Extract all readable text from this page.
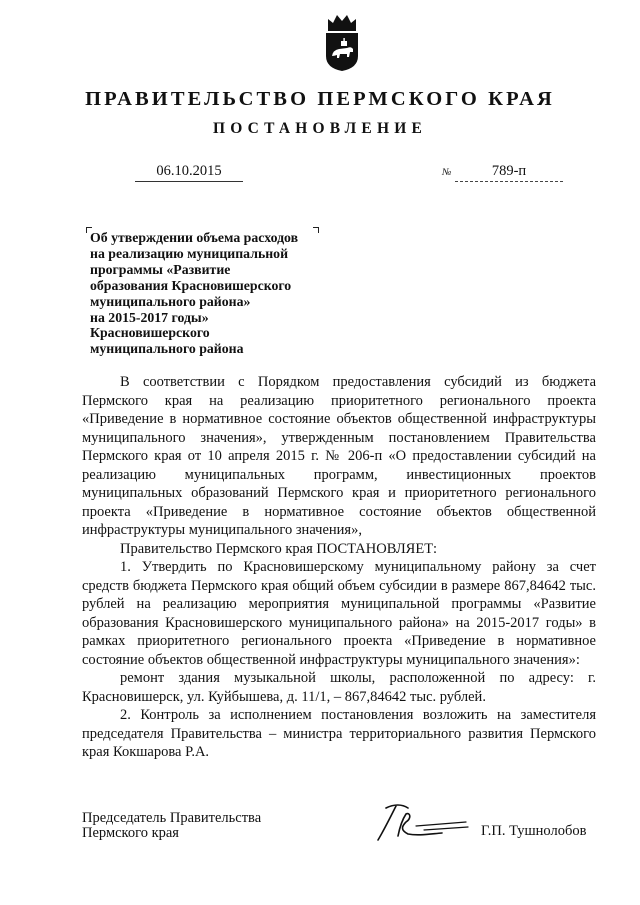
ПРАВИТЕЛЬСТВО ПЕРМСКОГО КРАЯ
ПОСТАНОВЛЕНИЕ
06.10.2015	№	789-п
Об утверждении объема расходов
на реализацию муниципальной
программы «Развитие
образования Красновишерского
муниципального района»
на 2015-2017 годы»
Красновишерского
муниципального района

В соответствии с Порядком предоставления субсидий из бюджета Пермского края на реализацию приоритетного регионального проекта «Приведение в нормативное состояние объектов общественной инфраструктуры муниципального значения», утвержденным постановлением Правительства Пермского края от 10 апреля 2015 г. № 206-п «О предоставлении субсидий на реализацию муниципальных программ, инвестиционных проектов муниципальных образований Пермского края и приоритетного регионального проекта «Приведение в нормативное состояние объектов общественной инфраструктуры муниципального значения»,

Правительство Пермского края ПОСТАНОВЛЯЕТ:

1. Утвердить по Красновишерскому муниципальному району за счет средств бюджета Пермского края общий объем субсидии в размере 867,84642 тыс. рублей на реализацию мероприятия муниципальной программы «Развитие образования Красновишерского муниципального района» на 2015-2017 годы» в рамках приоритетного регионального проекта «Приведение в нормативное состояние объектов общественной инфраструктуры муниципального значения»:

ремонт здания музыкальной школы, расположенной по адресу: г. Красновишерск, ул. Куйбышева, д. 11/1, – 867,84642 тыс. рублей.

2. Контроль за исполнением постановления возложить на заместителя председателя Правительства – министра территориального развития Пермского края Кокшарова Р.А.

Председатель Правительства
Пермского края	Г.П. Тушнолобов
